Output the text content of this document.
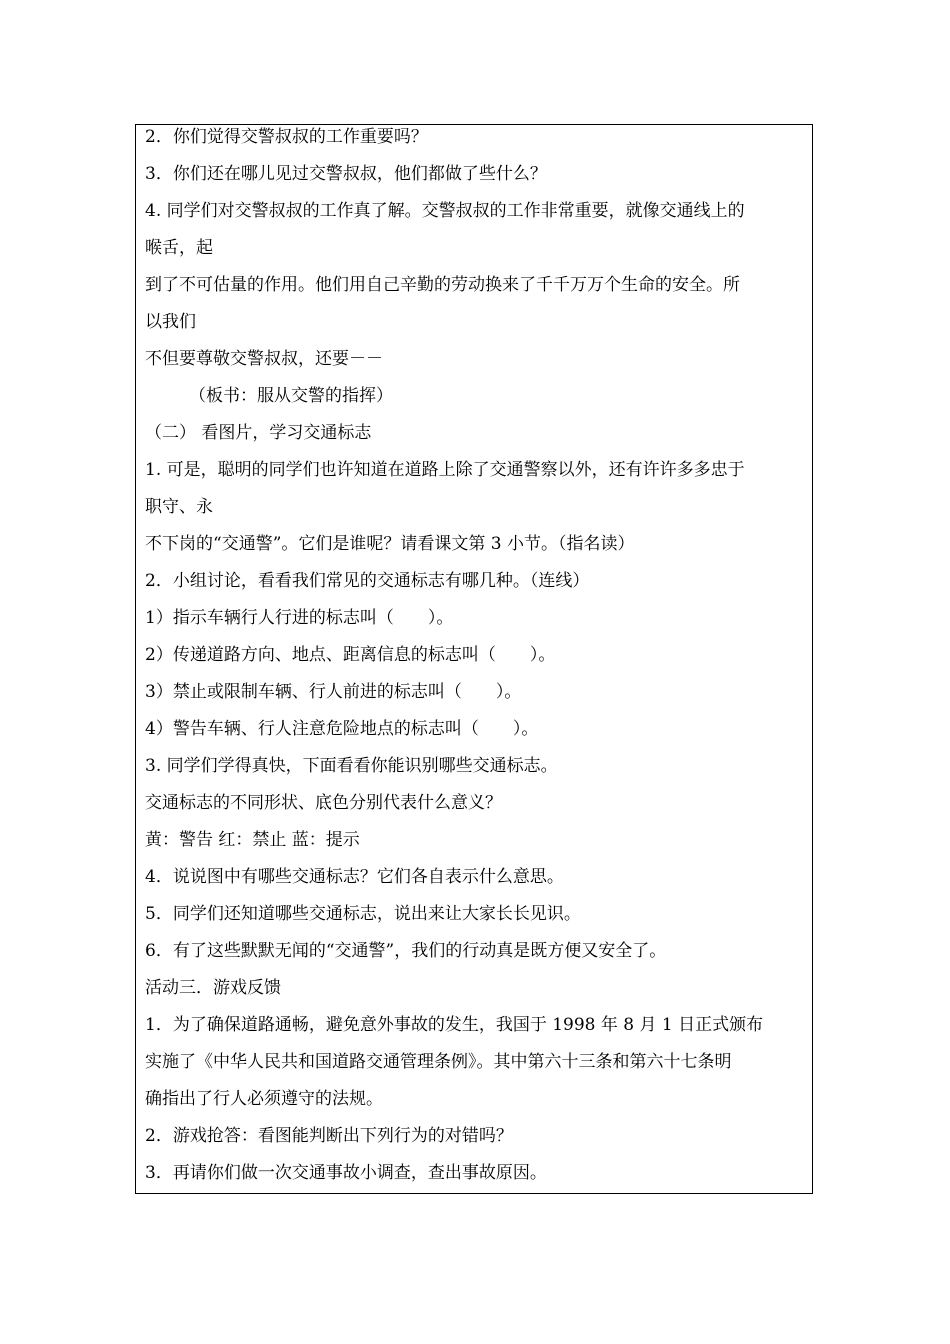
2．你们觉得交警叔叔的工作重要吗？
3．你们还在哪儿见过交警叔叔，他们都做了些什么？
4. 同学们对交警叔叔的工作真了解。交警叔叔的工作非常重要，就像交通线上的
喉舌，起
到了不可估量的作用。他们用自己辛勤的劳动换来了千千万万个生命的安全。所
以我们
不但要尊敬交警叔叔，还要－－
（板书：服从交警的指挥）
（二） 看图片，学习交通标志
1. 可是，聪明的同学们也许知道在道路上除了交通警察以外，还有许许多多忠于
职守、永
不下岗的“交通警”。它们是谁呢？请看课文第 3 小节。（指名读）
2．小组讨论，看看我们常见的交通标志有哪几种。（连线）
1）指示车辆行人行进的标志叫（　　）。
2）传递道路方向、地点、距离信息的标志叫（　　）。
3）禁止或限制车辆、行人前进的标志叫（　　）。
4）警告车辆、行人注意危险地点的标志叫（　　）。
3. 同学们学得真快，下面看看你能识别哪些交通标志。
交通标志的不同形状、底色分别代表什么意义？
黄：警告 红：禁止 蓝：提示
4．说说图中有哪些交通标志？它们各自表示什么意思。
5．同学们还知道哪些交通标志，说出来让大家长长见识。
6．有了这些默默无闻的“交通警”，我们的行动真是既方便又安全了。
活动三．游戏反馈
1．为了确保道路通畅，避免意外事故的发生，我国于 1998 年 8 月 1 日正式颁布
实施了《中华人民共和国道路交通管理条例》。其中第六十三条和第六十七条明
确指出了行人必须遵守的法规。
2．游戏抢答：看图能判断出下列行为的对错吗？
3．再请你们做一次交通事故小调查，查出事故原因。
